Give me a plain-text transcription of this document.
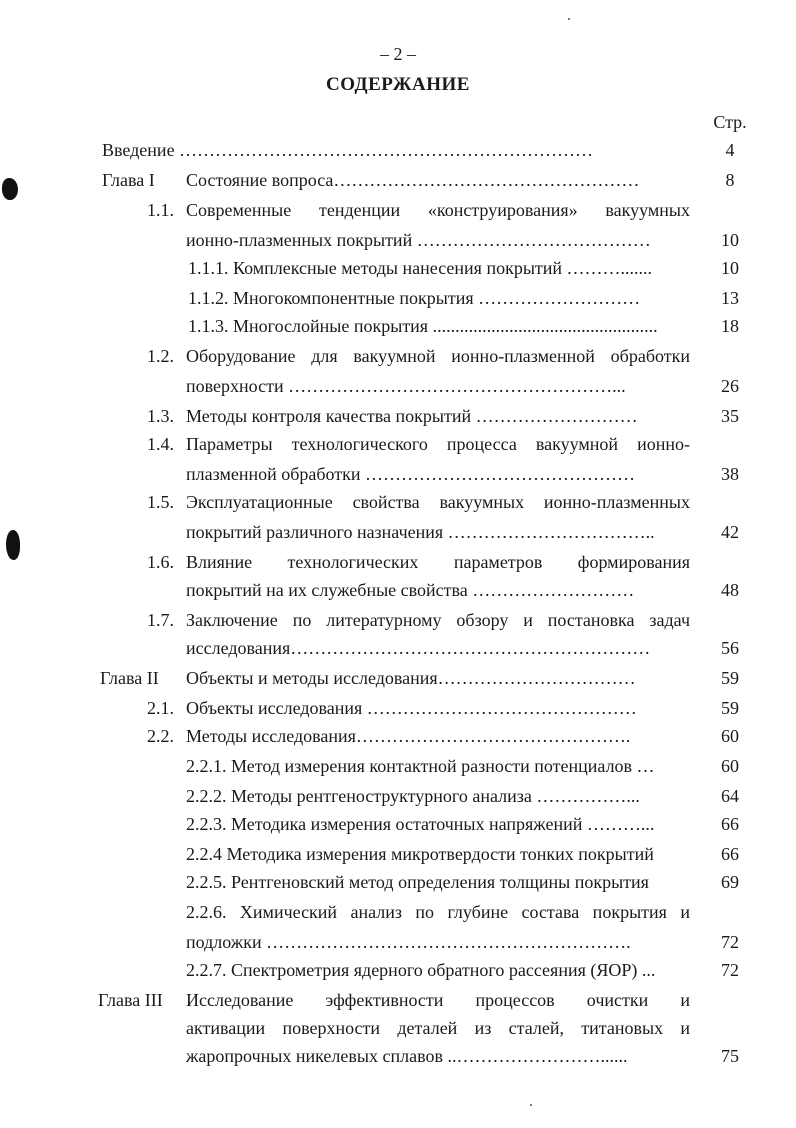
– 2 –
СОДЕРЖАНИЕ
Стр.
Введение ……………………………………………………………	4
Глава I	Состояние вопроса……………………………………………	8
1.1. Современные тенденции «конструирования» вакуумных
ионно-плазменных покрытий …………………………………	10
1.1.1. Комплексные методы нанесения покрытий ……….......	10
1.1.2. Многокомпонентные покрытия ………………………	13
1.1.3. Многослойные покрытия ..................................................	18
1.2. Оборудование для вакуумной ионно-плазменной обработки
поверхности ………………………………………………...	26
1.3. Методы контроля качества покрытий ………………………	35
1.4. Параметры технологического процесса вакуумной ионно-
плазменной обработки ………………………………………	38
1.5. Эксплуатационные свойства вакуумных ионно-плазменных
покрытий различного назначения ……………………………..	42
1.6. Влияние технологических параметров формирования
покрытий на их служебные свойства ………………………	48
1.7. Заключение по литературному обзору и постановка задач
исследования……………………………………………………	56
Глава II	Объекты и методы исследования……………………………	59
2.1. Объекты исследования ………………………………………	59
2.2. Методы исследования……………………………………….	60
2.2.1. Метод измерения контактной разности потенциалов …	60
2.2.2. Методы рентгеноструктурного анализа ……………...	64
2.2.3. Методика измерения остаточных напряжений ………...	66
2.2.4 Методика измерения микротвердости тонких покрытий	66
2.2.5. Рентгеновский метод определения толщины покрытия	69
2.2.6. Химический анализ по глубине состава покрытия и
подложки …………………………………………………….	72
2.2.7. Спектрометрия ядерного обратного рассеяния (ЯОР) ...	72
Глава III	Исследование эффективности процессов очистки и
активации поверхности деталей из сталей, титановых и
жаропрочных никелевых сплавов ..……………………......	75
